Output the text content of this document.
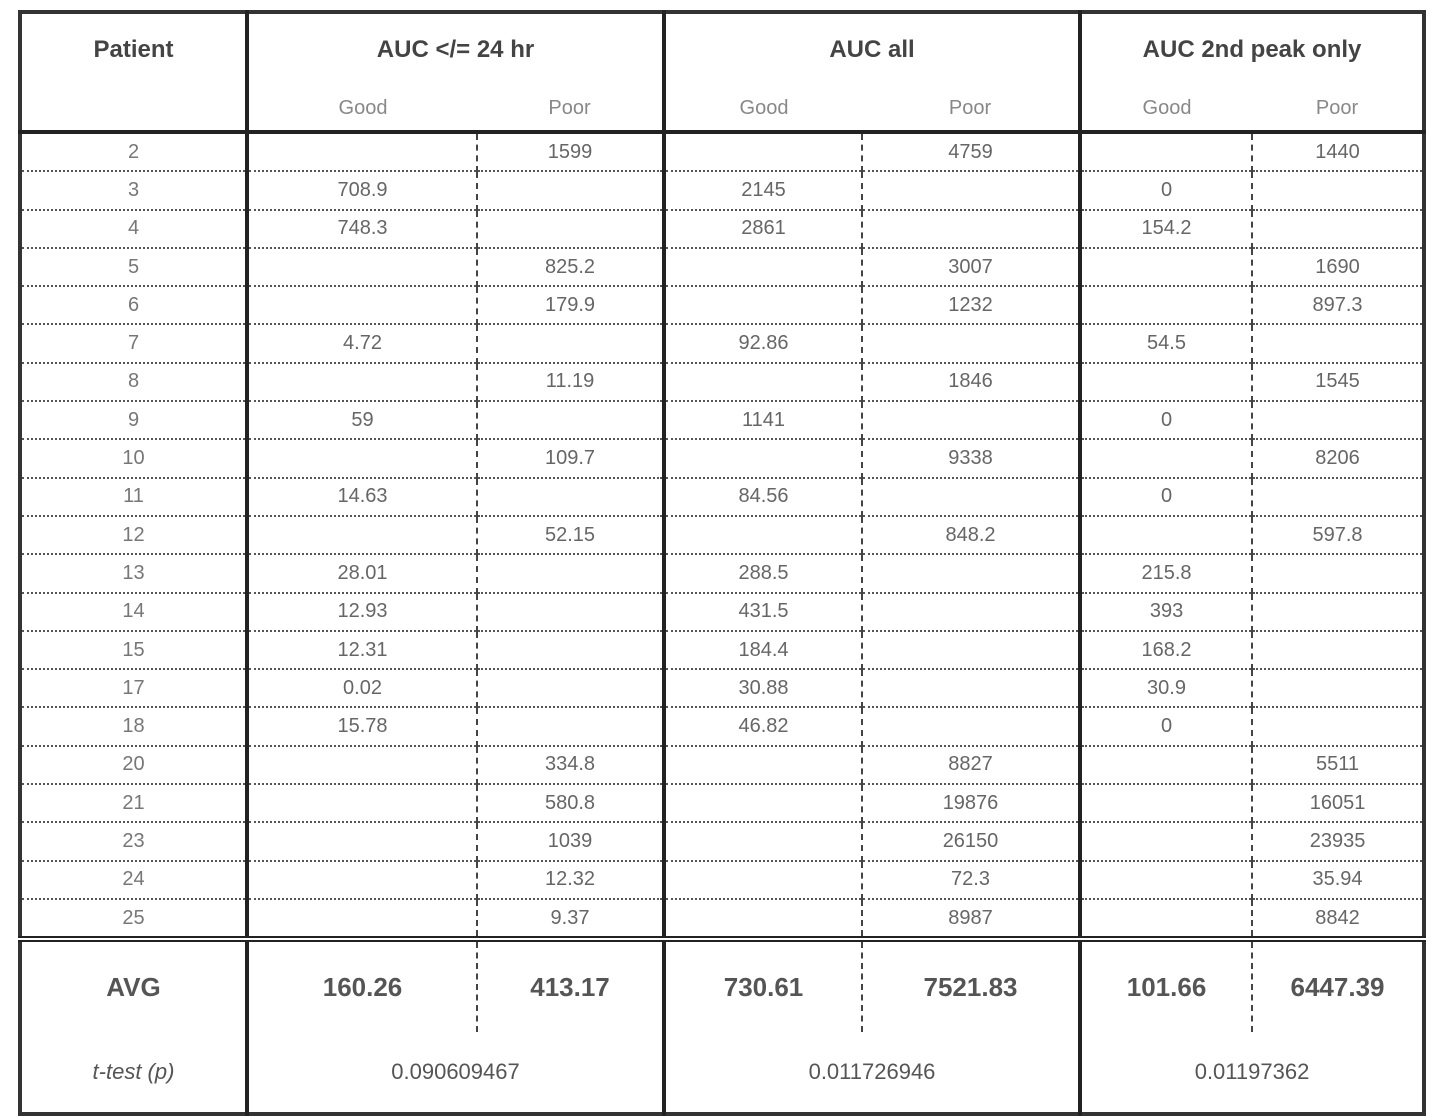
Patient	AUC </= 24 hr	AUC all	AUC 2nd peak only
	Good	Poor	Good	Poor	Good	Poor
2		1599		4759		1440
3	708.9		2145		0	
4	748.3		2861		154.2	
5		825.2		3007		1690
6		179.9		1232		897.3
7	4.72		92.86		54.5	
8		11.19		1846		1545
9	59		1141		0	
10		109.7		9338		8206
11	14.63		84.56		0	
12		52.15		848.2		597.8
13	28.01		288.5		215.8	
14	12.93		431.5		393	
15	12.31		184.4		168.2	
17	0.02		30.88		30.9	
18	15.78		46.82		0	
20		334.8		8827		5511
21		580.8		19876		16051
23		1039		26150		23935
24		12.32		72.3		35.94
25		9.37		8987		8842
AVG	160.26	413.17	730.61	7521.83	101.66	6447.39
t-test (p)	0.090609467	0.011726946	0.01197362
